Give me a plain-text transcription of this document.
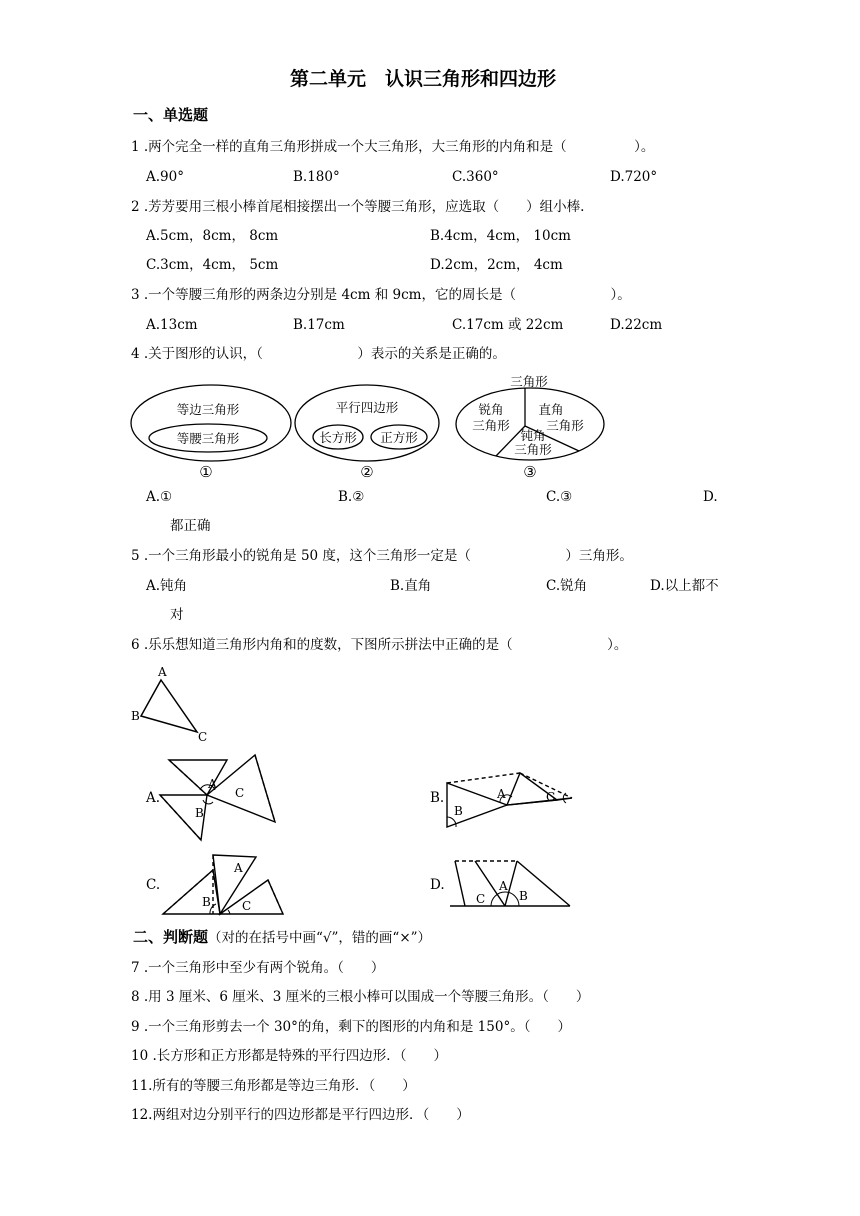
第二单元　认识三角形和四边形
一、单选题
1 .两个完全一样的直角三角形拼成一个大三角形，大三角形的内角和是（　　　　　）。
A.90°	B.180°	C.360°	D.720°
2 .芳芳要用三根小棒首尾相接摆出一个等腰三角形，应选取（　　）组小棒.
A.5cm，8cm， 8cm	B.4cm，4cm， 10cm
C.3cm，4cm， 5cm	D.2cm，2cm， 4cm
3 .一个等腰三角形的两条边分别是 4cm 和 9cm，它的周长是（　　　　　　　）。
A.13cm	B.17cm	C.17cm 或 22cm	D.22cm
4 .关于图形的认识，（　　　　　　　）表示的关系是正确的。
等边三角形
等腰三角形
①
平行四边形
长方形 正方形
②
三角形
锐角
三角形
直角
三角形
钝角
三角形
③
A.①	B.②	C.③	D.
都正确
5 .一个三角形最小的锐角是 50 度，这个三角形一定是（　　　　　　　）三角形。
A.钝角	B.直角	C.锐角	D.以上都不
对
6 .乐乐想知道三角形内角和的度数，下图所示拼法中正确的是（　　　　　　　）。
A
B
C
A.
A
B
C	B.	A
B
C
C.
A
B	C
D.	A
B
C
二、判断题（对的在括号中画“√”，错的画“×”）
7 .一个三角形中至少有两个锐角。（　　）
8 .用 3 厘米、6 厘米、3 厘米的三根小棒可以围成一个等腰三角形。（　　）
9 .一个三角形剪去一个 30°的角，剩下的图形的内角和是 150°。（　　）
10 .长方形和正方形都是特殊的平行四边形．（　　）
11.所有的等腰三角形都是等边三角形．（　　）
12.两组对边分别平行的四边形都是平行四边形．（　　）
